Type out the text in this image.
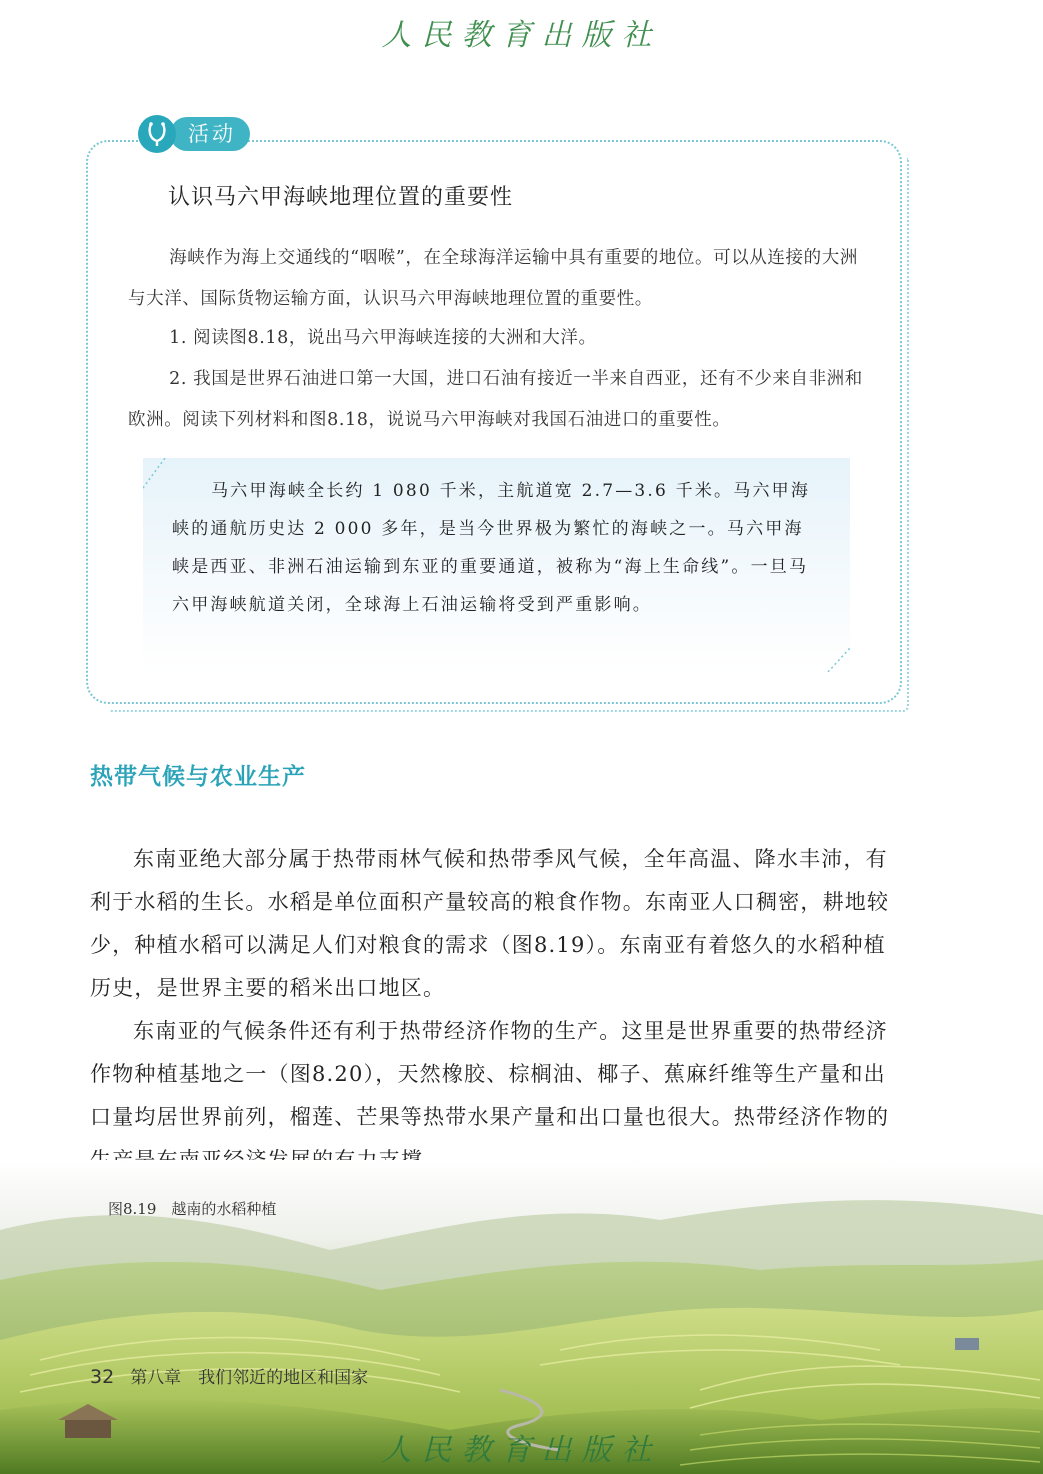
人民教育出版社
活动
认识马六甲海峡地理位置的重要性

海峡作为海上交通线的“咽喉”，在全球海洋运输中具有重要的地位。可以从连接的大洲与大洋、国际货物运输方面，认识马六甲海峡地理位置的重要性。

1. 阅读图8.18，说出马六甲海峡连接的大洲和大洋。

2. 我国是世界石油进口第一大国，进口石油有接近一半来自西亚，还有不少来自非洲和欧洲。阅读下列材料和图8.18，说说马六甲海峡对我国石油进口的重要性。

马六甲海峡全长约 1 080 千米，主航道宽 2.7—3.6 千米。马六甲海峡的通航历史达 2 000 多年，是当今世界极为繁忙的海峡之一。马六甲海峡是西亚、非洲石油运输到东亚的重要通道，被称为“海上生命线”。一旦马六甲海峡航道关闭，全球海上石油运输将受到严重影响。

热带气候与农业生产

东南亚绝大部分属于热带雨林气候和热带季风气候，全年高温、降水丰沛，有利于水稻的生长。水稻是单位面积产量较高的粮食作物。东南亚人口稠密，耕地较少，种植水稻可以满足人们对粮食的需求（图8.19）。东南亚有着悠久的水稻种植历史，是世界主要的稻米出口地区。

东南亚的气候条件还有利于热带经济作物的生产。这里是世界重要的热带经济作物种植基地之一（图8.20），天然橡胶、棕榈油、椰子、蕉麻纤维等生产量和出口量均居世界前列，榴莲、芒果等热带水果产量和出口量也很大。热带经济作物的

图8.19　越南的水稻种植
32 第八章　我们邻近的地区和国家
人民教育出版社
